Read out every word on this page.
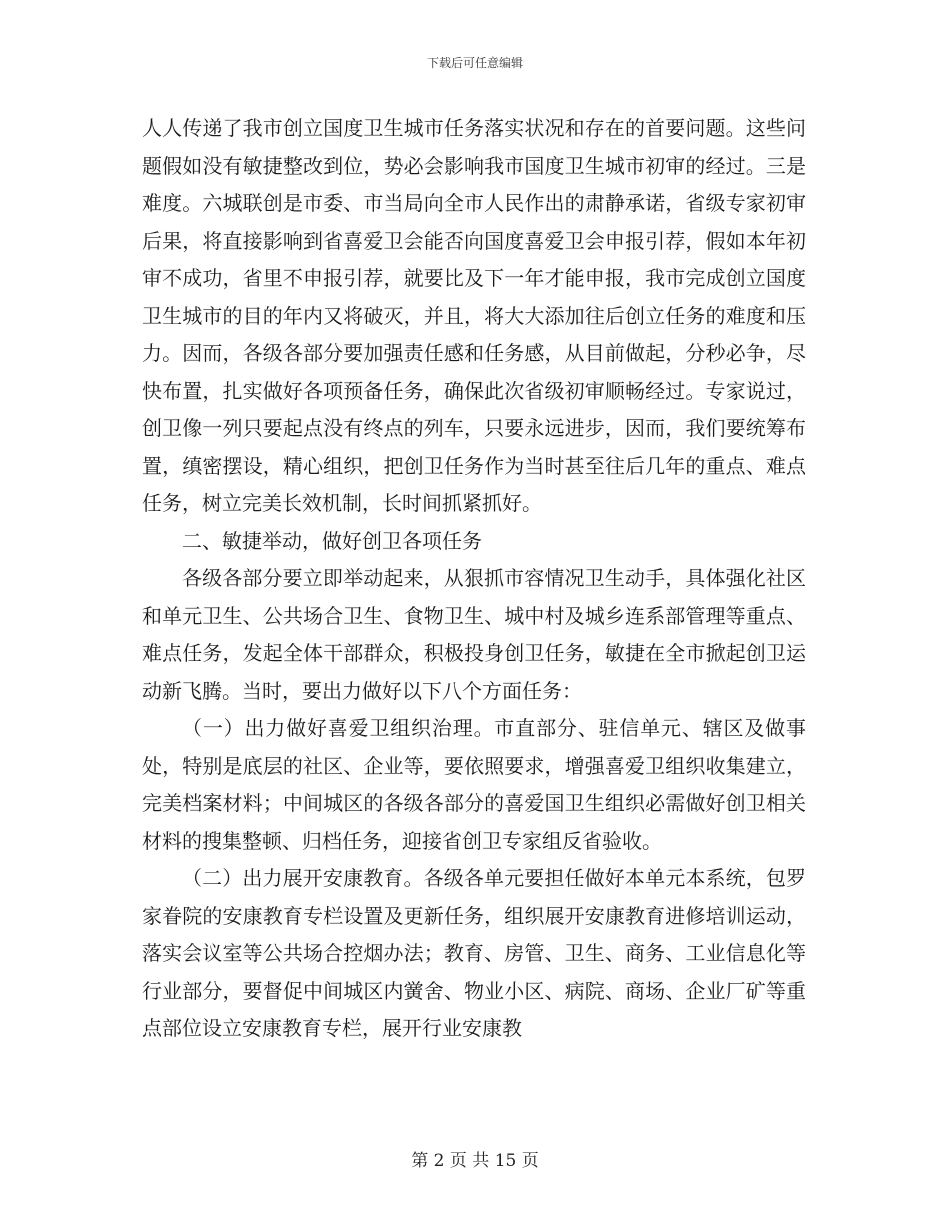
下载后可任意编辑

人人传递了我市创立国度卫生城市任务落实状况和存在的首要问题。这些问题假如没有敏捷整改到位，势必会影响我市国度卫生城市初审的经过。三是难度。六城联创是市委、市当局向全市人民作出的肃静承诺，省级专家初审后果，将直接影响到省喜爱卫会能否向国度喜爱卫会申报引荐，假如本年初审不成功，省里不申报引荐，就要比及下一年才能申报，我市完成创立国度卫生城市的目的年内又将破灭，并且，将大大添加往后创立任务的难度和压力。因而，各级各部分要加强责任感和任务感，从目前做起，分秒必争，尽快布置，扎实做好各项预备任务，确保此次省级初审顺畅经过。专家说过，创卫像一列只要起点没有终点的列车，只要永远进步，因而，我们要统筹布置，缜密摆设，精心组织，把创卫任务作为当时甚至往后几年的重点、难点任务，树立完美长效机制，长时间抓紧抓好。

二、敏捷举动，做好创卫各项任务

各级各部分要立即举动起来，从狠抓市容情况卫生动手，具体强化社区和单元卫生、公共场合卫生、食物卫生、城中村及城乡连系部管理等重点、难点任务，发起全体干部群众，积极投身创卫任务，敏捷在全市掀起创卫运动新飞腾。当时，要出力做好以下八个方面任务：

（一）出力做好喜爱卫组织治理。市直部分、驻信单元、辖区及做事处，特别是底层的社区、企业等，要依照要求，增强喜爱卫组织收集建立，完美档案材料；中间城区的各级各部分的喜爱国卫生组织必需做好创卫相关材料的搜集整顿、归档任务，迎接省创卫专家组反省验收。

（二）出力展开安康教育。各级各单元要担任做好本单元本系统，包罗家眷院的安康教育专栏设置及更新任务，组织展开安康教育进修培训运动，落实会议室等公共场合控烟办法；教育、房管、卫生、商务、工业信息化等行业部分，要督促中间城区内黉舍、物业小区、病院、商场、企业厂矿等重点部位设立安康教育专栏，展开行业安康教

第 2 页 共 15 页
